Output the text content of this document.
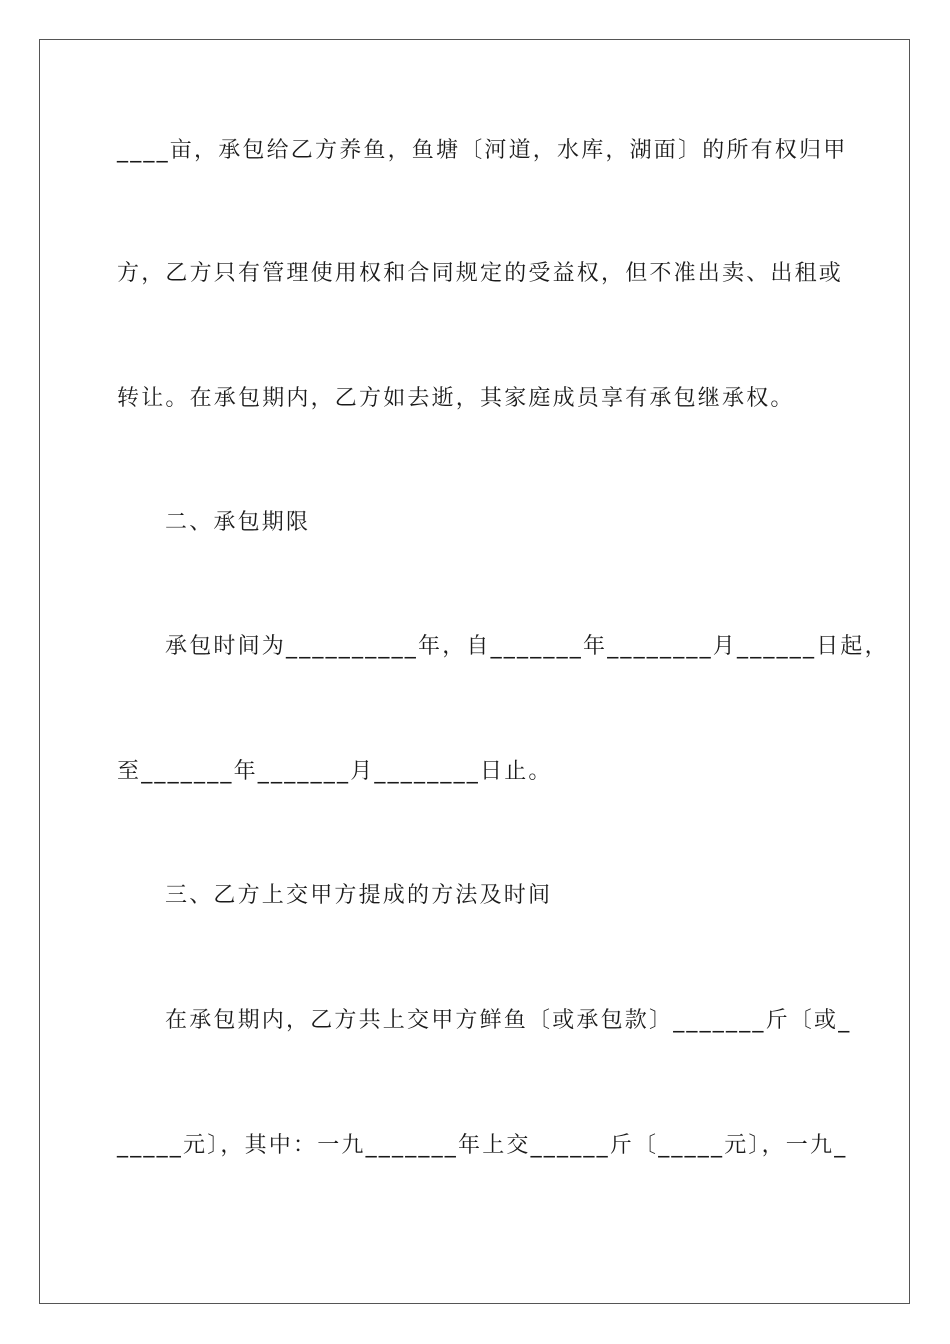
____亩，承包给乙方养鱼，鱼塘〔河道，水库，湖面〕的所有权归甲
方，乙方只有管理使用权和合同规定的受益权，但不准出卖、出租或
转让。在承包期内，乙方如去逝，其家庭成员享有承包继承权。
二、承包期限
承包时间为__________年，自_______年________月______日起，
至_______年_______月________日止。
三、乙方上交甲方提成的方法及时间
在承包期内，乙方共上交甲方鲜鱼〔或承包款〕_______斤〔或_
_____元〕，其中：一九_______年上交______斤〔_____元〕，一九_
